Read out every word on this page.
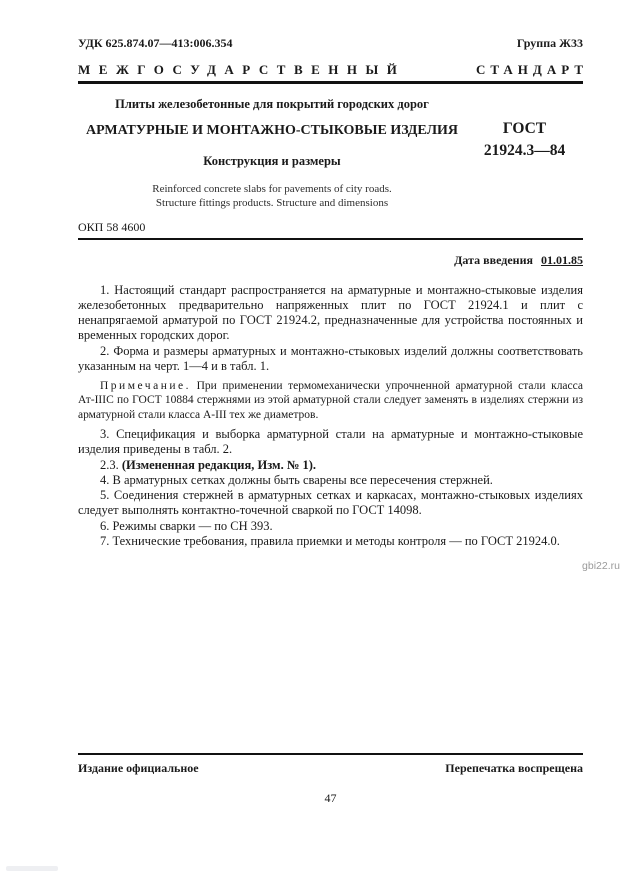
УДК 625.874.07—413:006.354	Группа Ж33
МЕЖГОСУДАРСТВЕННЫЙ	СТАНДАРТ
Плиты железобетонные для покрытий городских дорог
АРМАТУРНЫЕ И МОНТАЖНО-СТЫКОВЫЕ ИЗДЕЛИЯ
Конструкция и размеры
Reinforced concrete slabs for pavements of city roads.
Structure fittings products. Structure and dimensions
ГОСТ
21924.3—84
ОКП 58 4600
Дата введения 01.01.85

1. Настоящий стандарт распространяется на арматурные и монтажно-стыковые изделия железобетонных предварительно напряженных плит по ГОСТ 21924.1 и плит с ненапрягаемой арматурой по ГОСТ 21924.2, предназначенные для устройства постоянных и временных городских дорог.

2. Форма и размеры арматурных и монтажно-стыковых изделий должны соответствовать указанным на черт. 1—4 и в табл. 1.

Примечание. При применении термомеханически упрочненной арматурной стали класса Ат-IIIС по ГОСТ 10884 стержнями из этой арматурной стали следует заменять в изделиях стержни из арматурной стали класса А-III тех же диаметров.

3. Спецификация и выборка арматурной стали на арматурные и монтажно-стыковые изделия приведены в табл. 2.

2.3. (Измененная редакция, Изм. № 1).

4. В арматурных сетках должны быть сварены все пересечения стержней.

5. Соединения стержней в арматурных сетках и каркасах, монтажно-стыковых изделиях следует выполнять контактно-точечной сваркой по ГОСТ 14098.

6. Режимы сварки — по СН 393.

7. Технические требования, правила приемки и методы контроля — по ГОСТ 21924.0.

gbi22.ru
Издание официальное	Перепечатка воспрещена
47
